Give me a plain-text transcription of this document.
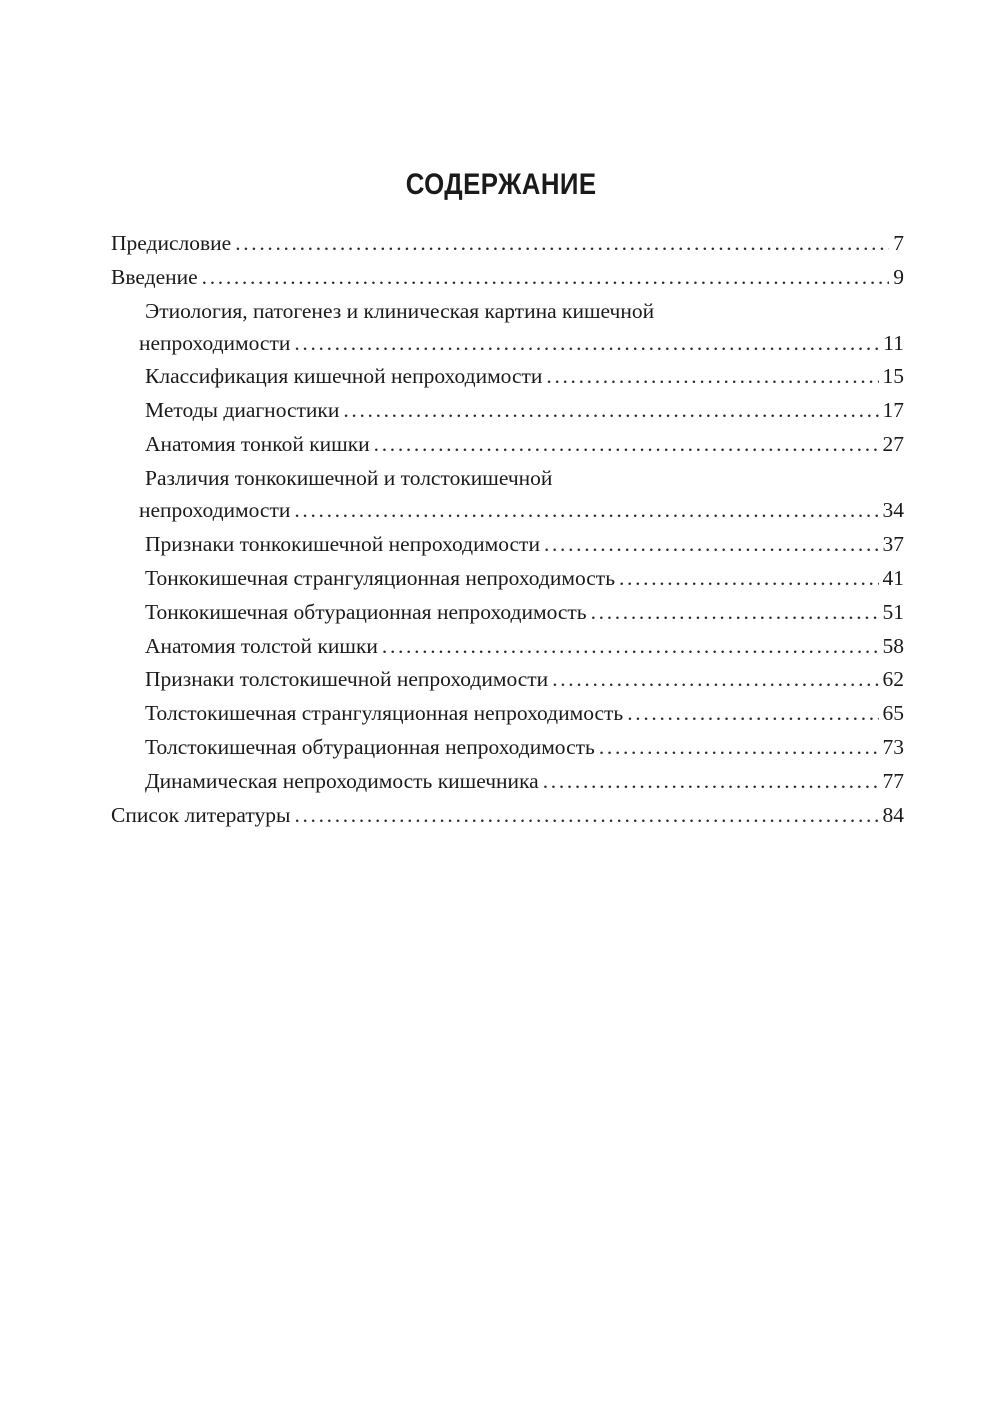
СОДЕРЖАНИЕ
Предисловие . . .	7
Введение . . .	9
Этиология, патогенез и клиническая картина кишечной
непроходимости . . .	11
Классификация кишечной непроходимости . . .	15
Методы диагностики . . .	17
Анатомия тонкой кишки . . .	27
Различия тонкокишечной и толстокишечной
непроходимости . . .	34
Признаки тонкокишечной непроходимости . . .	37
Тонкокишечная странгуляционная непроходимость . . .	41
Тонкокишечная обтурационная непроходимость . . .	51
Анатомия толстой кишки . . .	58
Признаки толстокишечной непроходимости . . .	62
Толстокишечная странгуляционная непроходимость . . .	65
Толстокишечная обтурационная непроходимость . . .	73
Динамическая непроходимость кишечника . . .	77
Список литературы . . .	84
